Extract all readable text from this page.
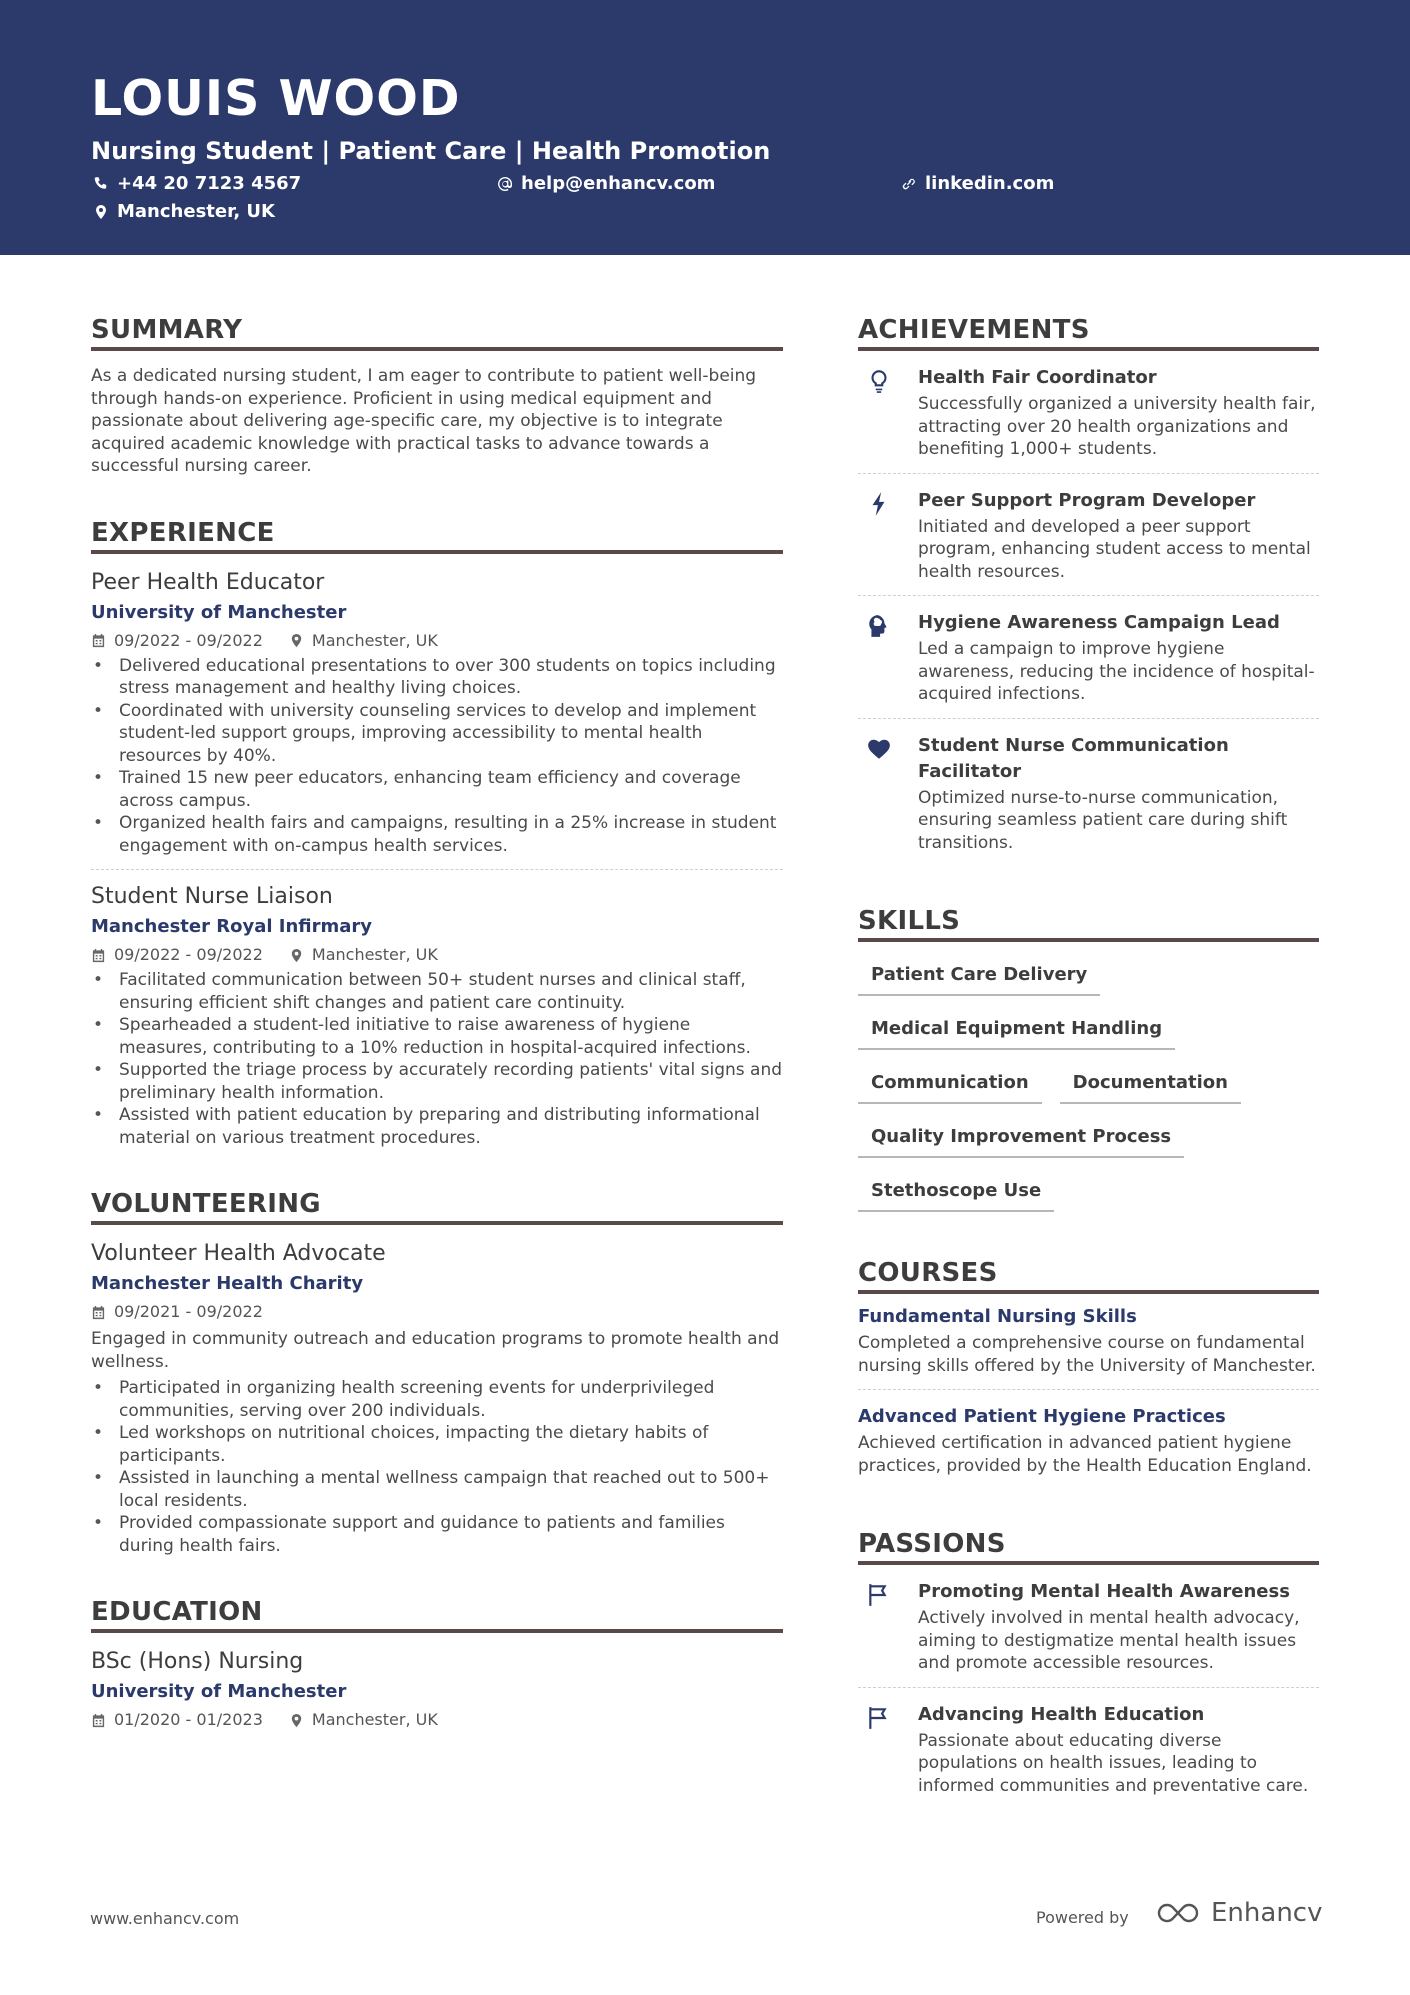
LOUIS WOOD
Nursing Student | Patient Care | Health Promotion
+44 20 7123 4567	help@enhancv.com	linkedin.com
Manchester, UK
SUMMARY

As a dedicated nursing student, I am eager to contribute to patient well-being through hands-on experience. Proficient in using medical equipment and passionate about delivering age-specific care, my objective is to integrate acquired academic knowledge with practical tasks to advance towards a successful nursing career.

EXPERIENCE
Peer Health Educator
University of Manchester
09/2022 - 09/2022	Manchester, UK
• Delivered educational presentations to over 300 students on topics including stress management and healthy living choices.
• Coordinated with university counseling services to develop and implement student-led support groups, improving accessibility to mental health resources by 40%.
• Trained 15 new peer educators, enhancing team efficiency and coverage across campus.
• Organized health fairs and campaigns, resulting in a 25% increase in student engagement with on-campus health services.
Student Nurse Liaison
Manchester Royal Infirmary
09/2022 - 09/2022	Manchester, UK
• Facilitated communication between 50+ student nurses and clinical staff, ensuring efficient shift changes and patient care continuity.
• Spearheaded a student-led initiative to raise awareness of hygiene measures, contributing to a 10% reduction in hospital-acquired infections.
• Supported the triage process by accurately recording patients' vital signs and preliminary health information.
• Assisted with patient education by preparing and distributing informational material on various treatment procedures.
VOLUNTEERING
Volunteer Health Advocate
Manchester Health Charity
09/2021 - 09/2022

Engaged in community outreach and education programs to promote health and wellness.

• Participated in organizing health screening events for underprivileged communities, serving over 200 individuals.
• Led workshops on nutritional choices, impacting the dietary habits of participants.
• Assisted in launching a mental wellness campaign that reached out to 500+ local residents.
• Provided compassionate support and guidance to patients and families during health fairs.
EDUCATION
BSc (Hons) Nursing
University of Manchester
01/2020 - 01/2023	Manchester, UK
ACHIEVEMENTS
Health Fair Coordinator
Successfully organized a university health fair, attracting over 20 health organizations and benefiting 1,000+ students.
Peer Support Program Developer
Initiated and developed a peer support program, enhancing student access to mental health resources.
Hygiene Awareness Campaign Lead
Led a campaign to improve hygiene awareness, reducing the incidence of hospital-acquired infections.
Student Nurse Communication Facilitator
Optimized nurse-to-nurse communication, ensuring seamless patient care during shift transitions.
SKILLS
Patient Care Delivery
Medical Equipment Handling
Communication	Documentation
Quality Improvement Process
Stethoscope Use
COURSES
Fundamental Nursing Skills
Completed a comprehensive course on fundamental nursing skills offered by the University of Manchester.
Advanced Patient Hygiene Practices
Achieved certification in advanced patient hygiene practices, provided by the Health Education England.
PASSIONS
Promoting Mental Health Awareness
Actively involved in mental health advocacy, aiming to destigmatize mental health issues and promote accessible resources.
Advancing Health Education
Passionate about educating diverse populations on health issues, leading to informed communities and preventative care.
www.enhancv.com	Powered by	Enhancv
